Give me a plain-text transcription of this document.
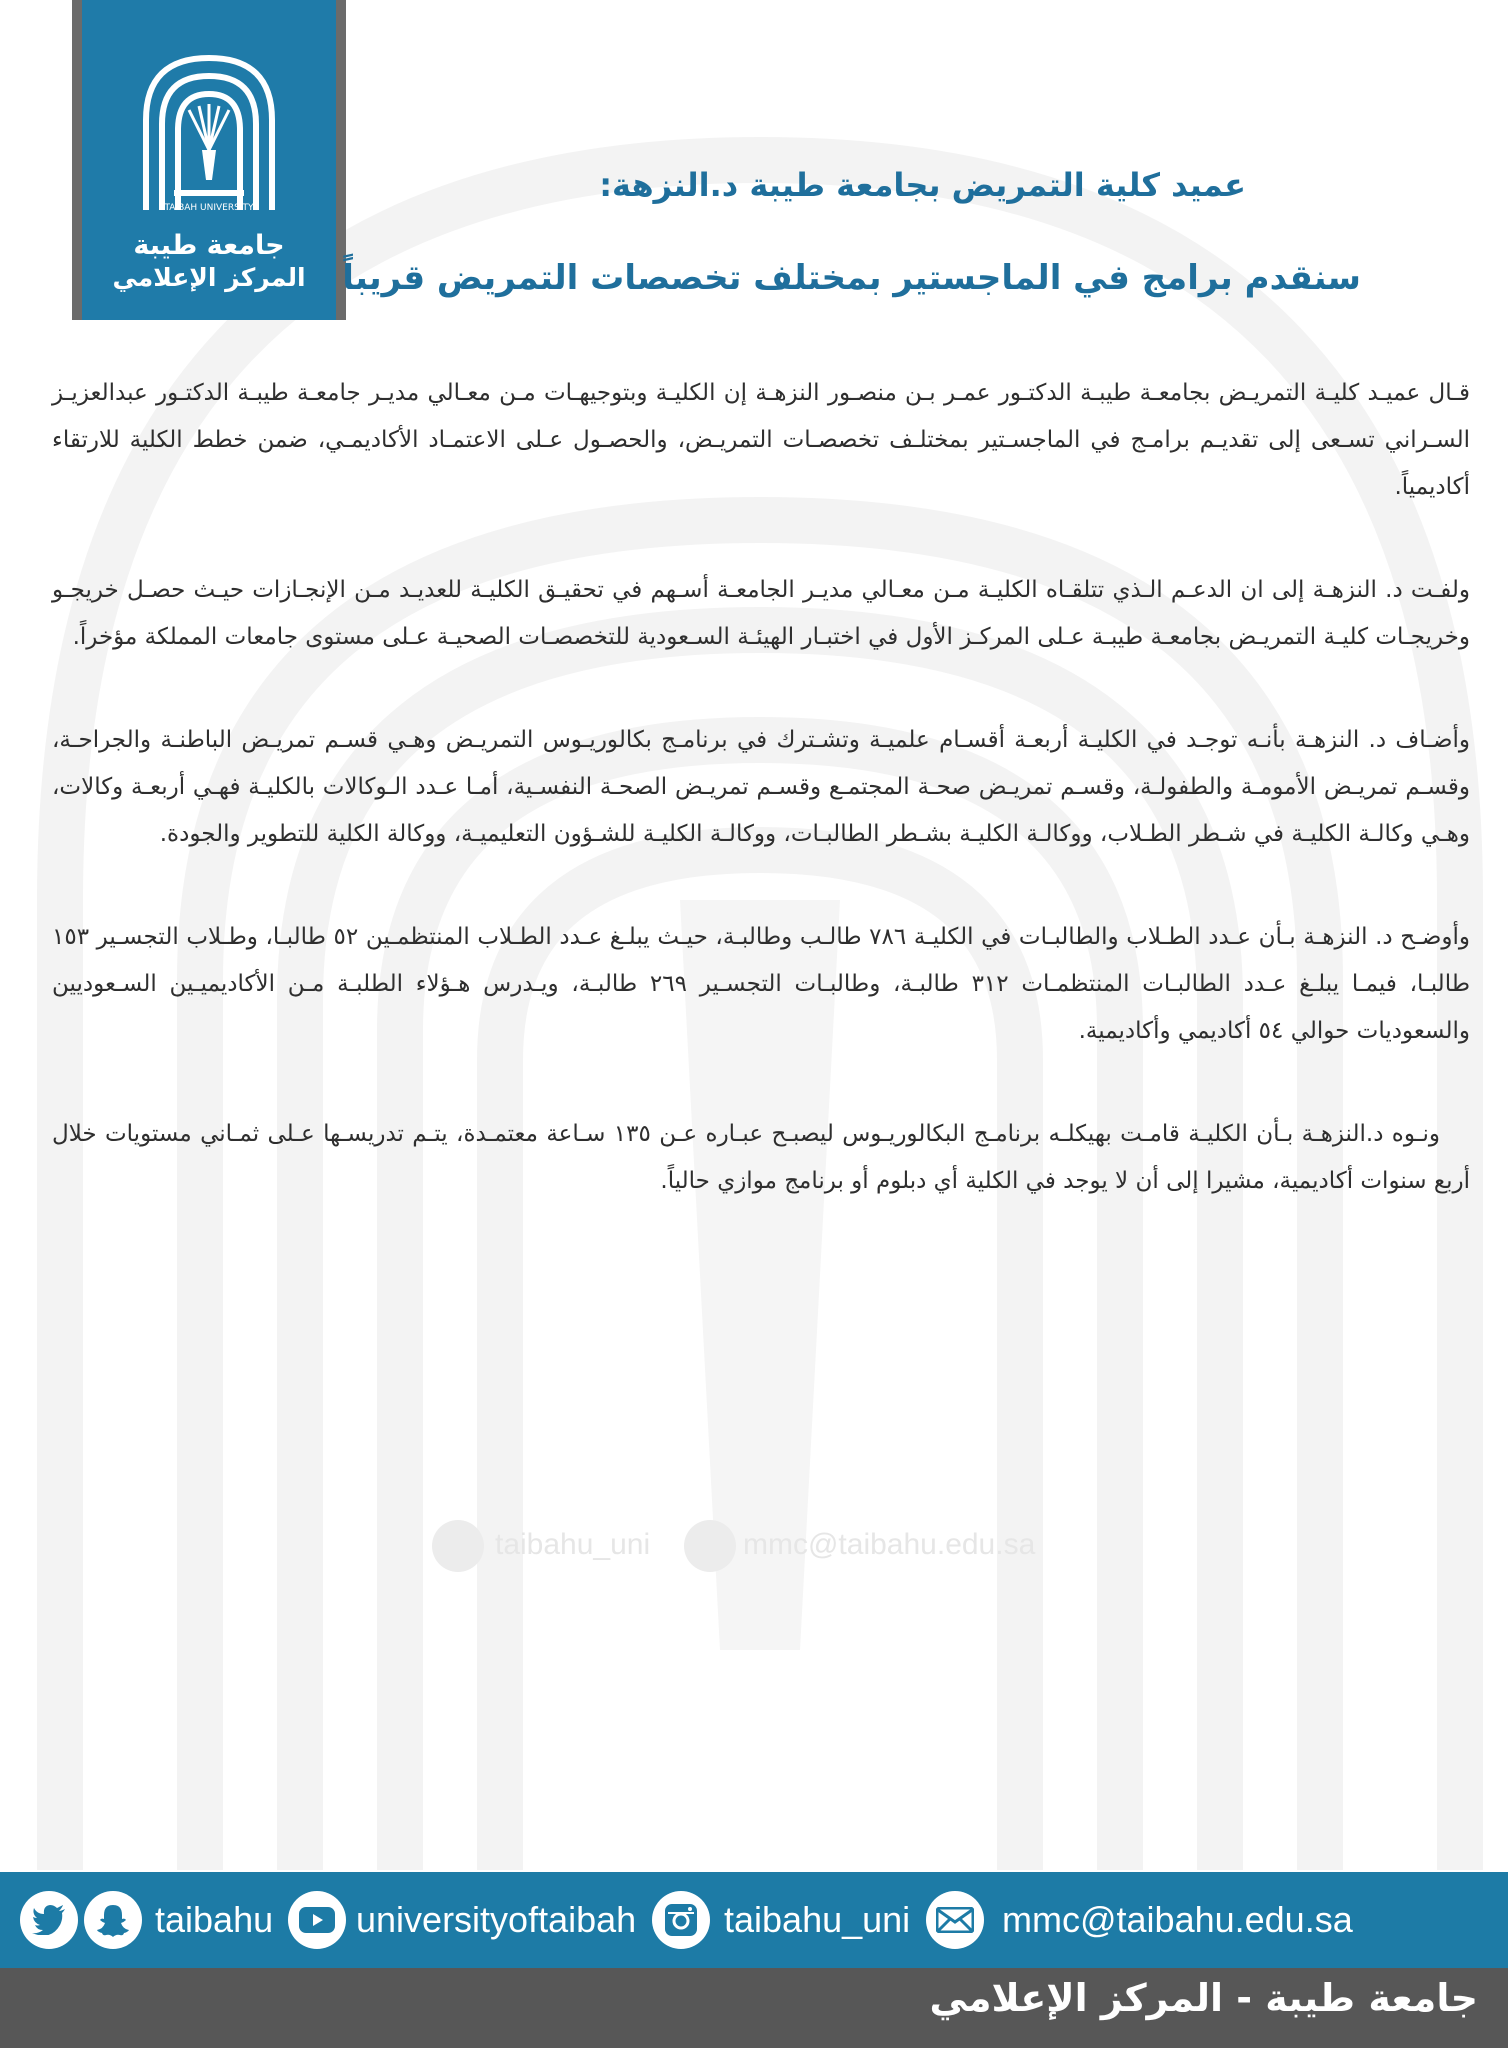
TAIBAH UNIVERSITY
جامعة طيبة
المركز الإعلامي
عميد كلية التمريض بجامعة طيبة د.النزهة:
سنقدم برامج في الماجستير بمختلف تخصصات التمريض قريباً

قـال عميـد كليـة التمريـض بجامعـة طيبـة الدكتـور عمـر بـن منصـور النزهـة إن الكليـة وبتوجيهـات مـن معـالي مديـر جامعـة طيبـة الدكتـور عبدالعزيـز السـراني تسـعى إلى تقديـم برامـج في الماجسـتير بمختلـف تخصصـات التمريـض، والحصـول عـلى الاعتمـاد الأكاديمـي، ضمن خطط الكلية للارتقاء أكاديمياً.

ولفـت د. النزهـة إلى ان الدعـم الـذي تتلقـاه الكليـة مـن معـالي مديـر الجامعـة أسـهم في تحقيـق الكليـة للعديـد مـن الإنجـازات حيـث حصـل خريجـو وخريجـات كليـة التمريـض بجامعـة طيبـة عـلى المركـز الأول في اختبـار الهيئـة السـعودية للتخصصـات الصحيـة عـلى مستوى جامعات المملكة مؤخراً.

وأضـاف د. النزهـة بأنـه توجـد في الكليـة أربعـة أقسـام علميـة وتشـترك في برنامـج بكالوريـوس التمريـض وهـي قسـم تمريـض الباطنـة والجراحـة، وقسـم تمريـض الأمومـة والطفولـة، وقسـم تمريـض صحـة المجتمـع وقسـم تمريـض الصحـة النفسـية، أمـا عـدد الـوكالات بالكليـة فهـي أربعـة وكالات، وهـي وكالـة الكليـة في شـطر الطـلاب، ووكالـة الكليـة بشـطر الطالبـات، ووكالـة الكليـة للشـؤون التعليميـة، ووكالة الكلية للتطوير والجودة.

وأوضـح د. النزهـة بـأن عـدد الطـلاب والطالبـات في الكليـة ٧٨٦ طالـب وطالبـة، حيـث يبلـغ عـدد الطـلاب المنتظمـين ٥٢ طالبـا، وطـلاب التجسـير ١٥٣ طالبـا، فيمـا يبلـغ عـدد الطالبـات المنتظمـات ٣١٢ طالبـة، وطالبـات التجسـير ٢٦٩ طالبـة، ويـدرس هـؤلاء الطلبـة مـن الأكاديميـين السـعوديين والسعوديات حوالي ٥٤ أكاديمي وأكاديمية.

ونـوه د.النزهـة بـأن الكليـة قامـت بهيكلـه برنامـج البكالوريـوس ليصبـح عبـاره عـن ١٣٥ سـاعة معتمـدة، يتـم تدريسـها عـلى ثمـاني مستويات خلال أربع سنوات أكاديمية، مشيرا إلى أن لا يوجد في الكلية أي دبلوم أو برنامج موازي حالياً.

taibahu_uni	mmc@taibahu.edu.sa
taibahu universityoftaibah taibahu_uni	mmc@taibahu.edu.sa
جامعة طيبة - المركز الإعلامي
